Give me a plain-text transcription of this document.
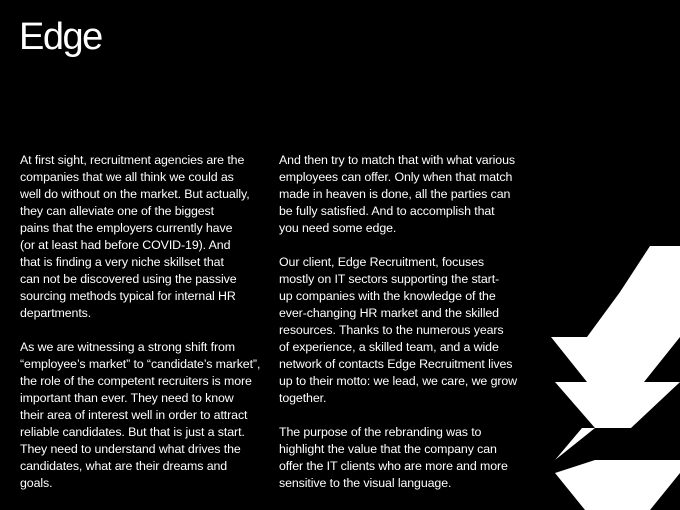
Edge

At first sight, recruitment agencies are the
companies that we all think we could as
well do without on the market. But actually,
they can alleviate one of the biggest
pains that the employers currently have
(or at least had before COVID-19). And
that is finding a very niche skillset that
can not be discovered using the passive
sourcing methods typical for internal HR
departments.

As we are witnessing a strong shift from
“employee’s market” to “candidate’s market”,
the role of the competent recruiters is more
important than ever. They need to know
their area of interest well in order to attract
reliable candidates. But that is just a start.
They need to understand what drives the
candidates, what are their dreams and
goals.

And then try to match that with what various
employees can offer. Only when that match
made in heaven is done, all the parties can
be fully satisfied. And to accomplish that
you need some edge.

Our client, Edge Recruitment, focuses
mostly on IT sectors supporting the start-
up companies with the knowledge of the
ever-changing HR market and the skilled
resources. Thanks to the numerous years
of experience, a skilled team, and a wide
network of contacts Edge Recruitment lives
up to their motto: we lead, we care, we grow
together.

The purpose of the rebranding was to
highlight the value that the company can
offer the IT clients who are more and more
sensitive to the visual language.
